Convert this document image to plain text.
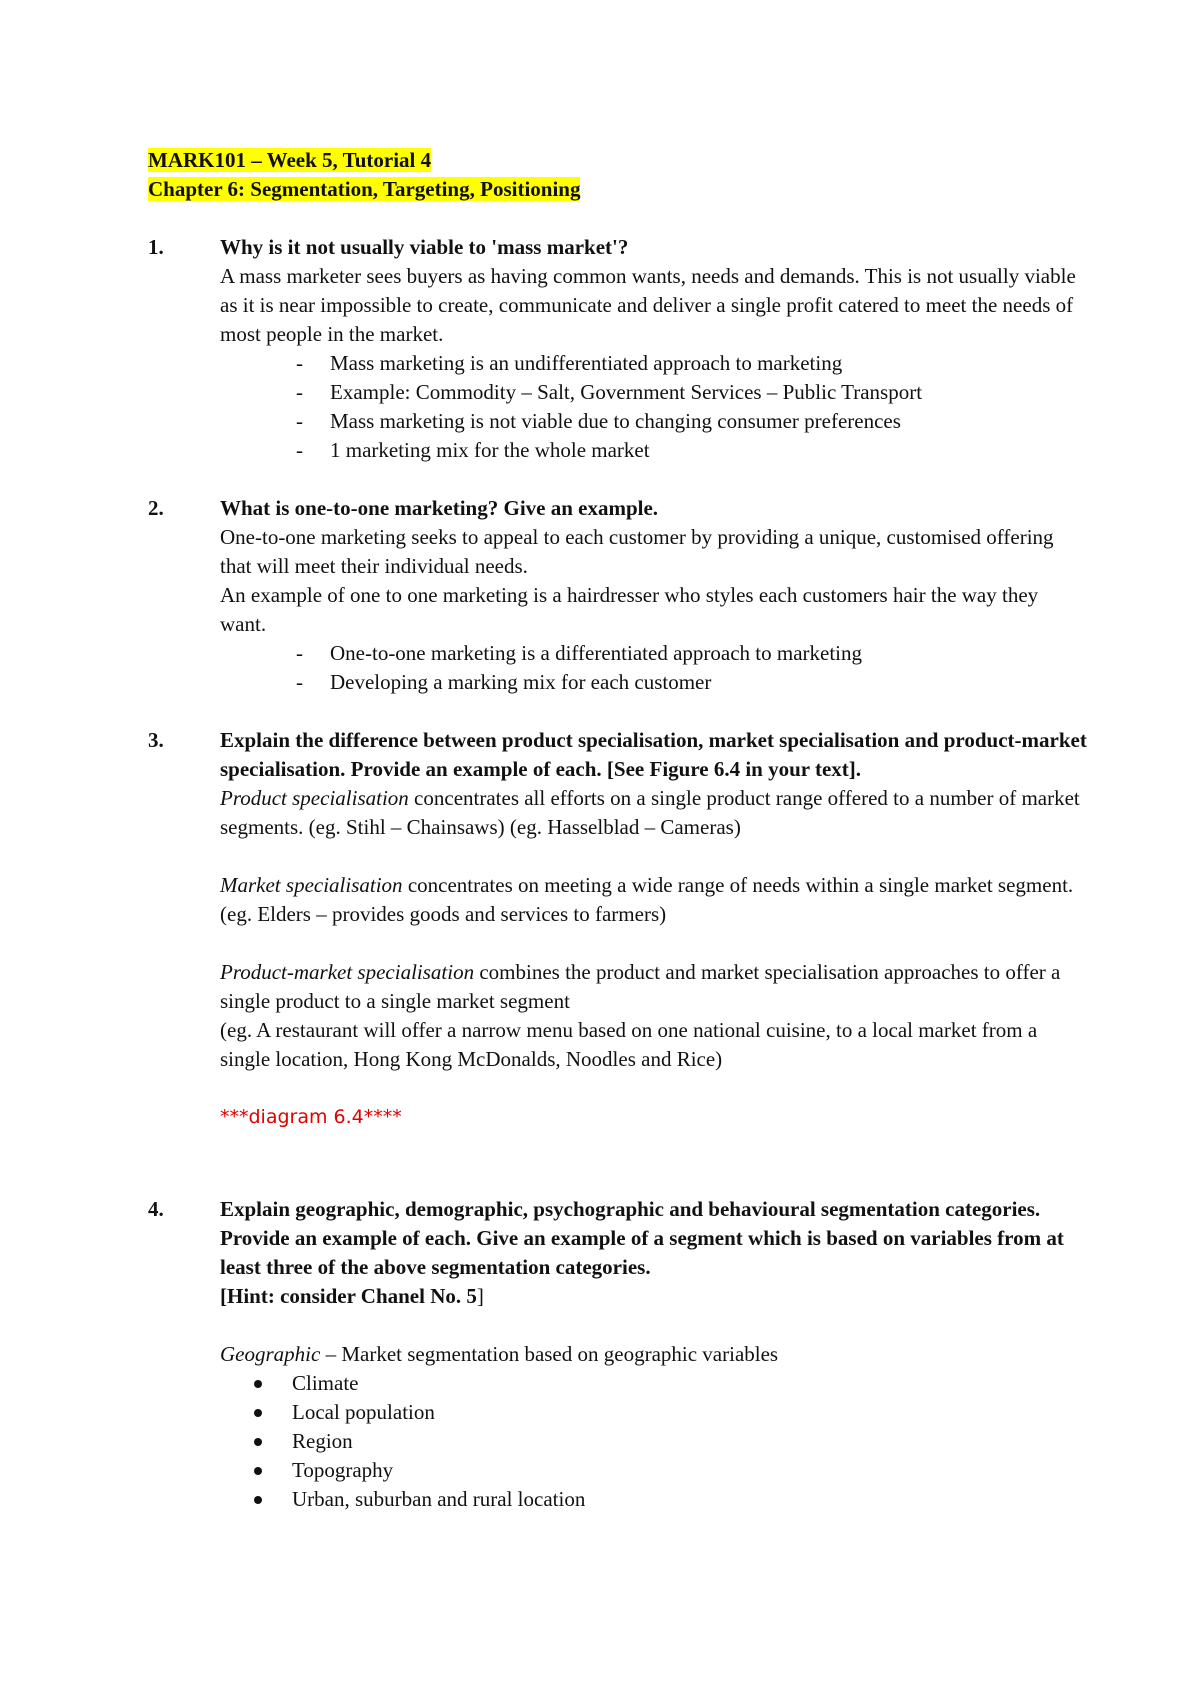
MARK101 – Week 5, Tutorial 4
Chapter 6: Segmentation, Targeting, Positioning
1.	Why is it not usually viable to 'mass market'?
A mass marketer sees buyers as having common wants, needs and demands. This is not usually viable as it is near impossible to create, communicate and deliver a single profit catered to meet the needs of most people in the market.
- Mass marketing is an undifferentiated approach to marketing
- Example: Commodity – Salt, Government Services – Public Transport
- Mass marketing is not viable due to changing consumer preferences
- 1 marketing mix for the whole market
2.	What is one-to-one marketing? Give an example.
One-to-one marketing seeks to appeal to each customer by providing a unique, customised offering that will meet their individual needs.
An example of one to one marketing is a hairdresser who styles each customers hair the way they want.
- One-to-one marketing is a differentiated approach to marketing
- Developing a marking mix for each customer
3.	Explain the difference between product specialisation, market specialisation and product-market specialisation. Provide an example of each. [See Figure 6.4 in your text].
Product specialisation concentrates all efforts on a single product range offered to a number of market segments. (eg. Stihl – Chainsaws) (eg. Hasselblad – Cameras)
Market specialisation concentrates on meeting a wide range of needs within a single market segment. (eg. Elders – provides goods and services to farmers)
Product-market specialisation combines the product and market specialisation approaches to offer a single product to a single market segment
(eg. A restaurant will offer a narrow menu based on one national cuisine, to a local market from a single location, Hong Kong McDonalds, Noodles and Rice)
***diagram 6.4****
4.	Explain geographic, demographic, psychographic and behavioural segmentation categories. Provide an example of each. Give an example of a segment which is based on variables from at least three of the above segmentation categories.
[Hint: consider Chanel No. 5]
Geographic – Market segmentation based on geographic variables
Climate
Local population
Region
Topography
Urban, suburban and rural location
